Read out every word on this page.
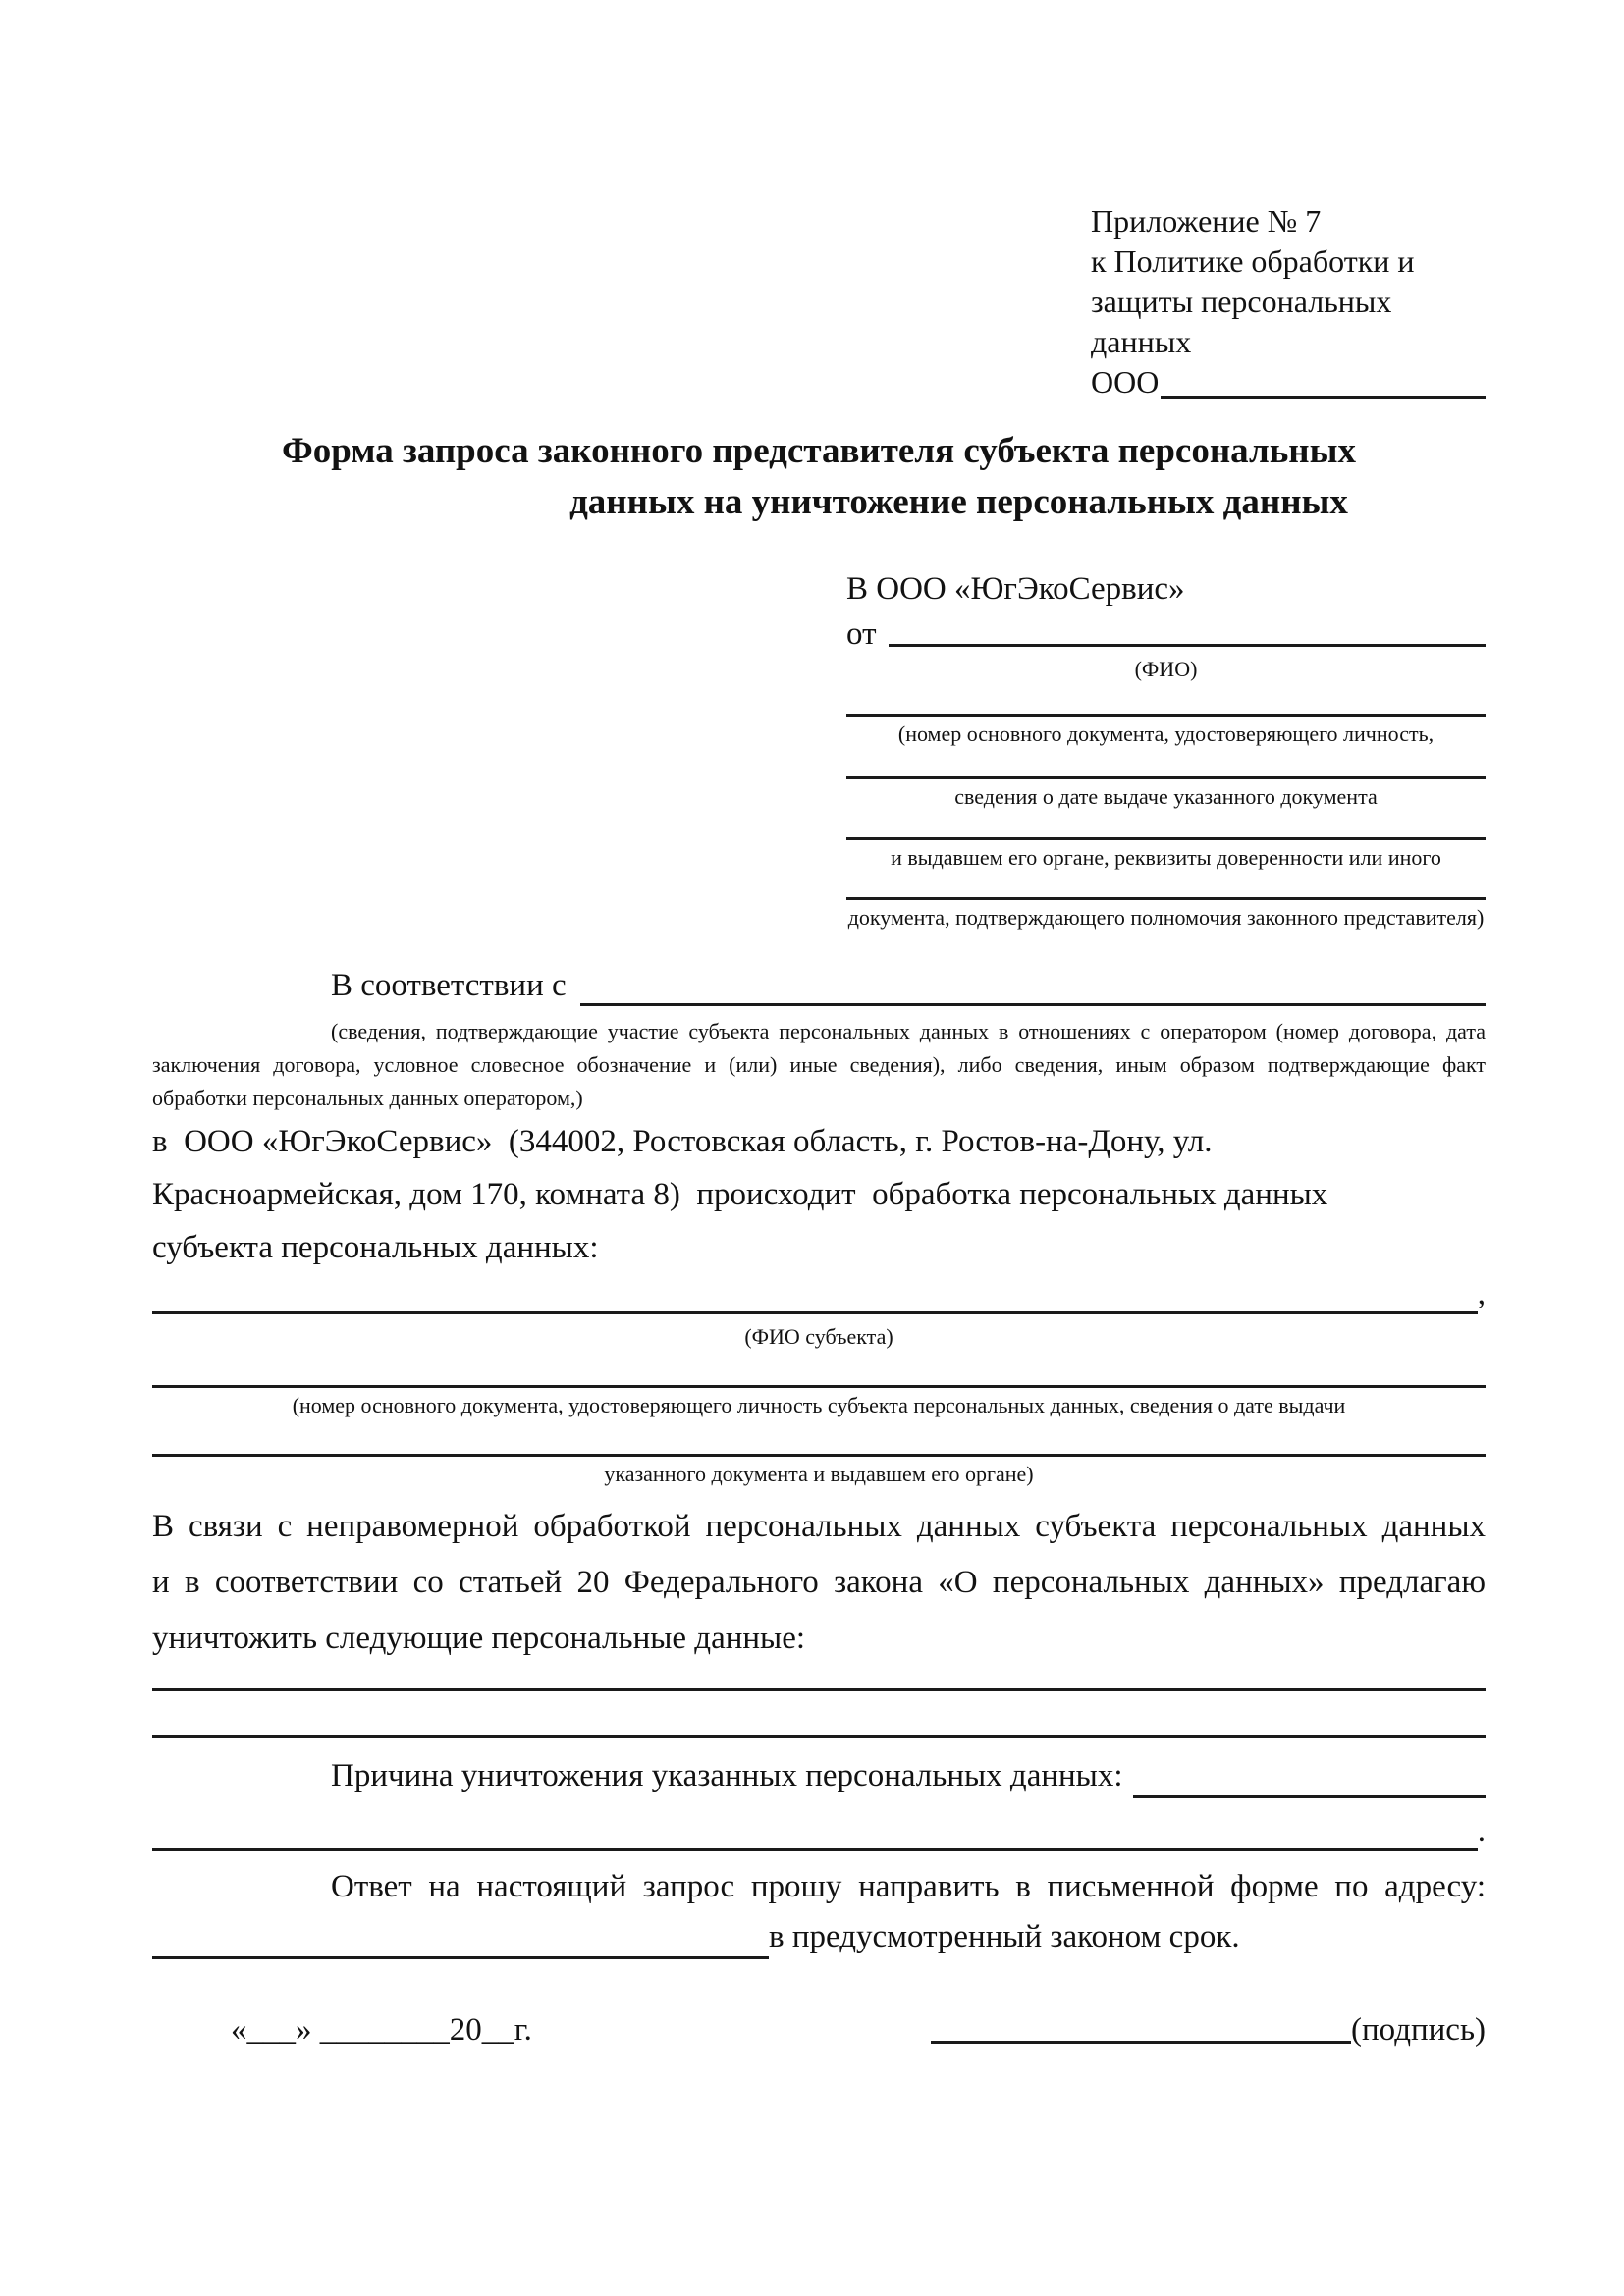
Приложение № 7
к Политике обработки и
защиты персональных данных
ООО
Форма запроса законного представителя субъекта персональных
данных на уничтожение персональных данных
В ООО «ЮгЭкоСервис»
от
(ФИО)
(номер основного документа, удостоверяющего личность,
сведения о дате выдаче указанного документа
и выдавшем его органе, реквизиты доверенности или иного
документа, подтверждающего полномочия законного представителя)
В соответствии с
(сведения, подтверждающие участие субъекта персональных данных в отношениях с оператором (номер договора, дата
заключения договора, условное словесное обозначение и (или) иные сведения), либо сведения, иным образом подтверждающие факт
обработки персональных данных оператором,)
в  ООО «ЮгЭкоСервис»  (344002, Ростовская область, г. Ростов-на-Дону, ул.
Красноармейская, дом 170, комната 8)  происходит  обработка персональных данных
субъекта персональных данных:
,
(ФИО субъекта)
(номер основного документа, удостоверяющего личность субъекта персональных данных, сведения о дате выдачи
указанного документа и выдавшем его органе)
В связи с неправомерной обработкой персональных данных субъекта персональных данных
и в соответствии со статьей 20 Федерального закона «О персональных данных» предлагаю
уничтожить следующие персональные данные:
Причина уничтожения указанных персональных данных:
.
Ответ на настоящий запрос прошу направить в письменной форме по адресу:
в предусмотренный законом срок.
«___» ________20__г.	(подпись)
